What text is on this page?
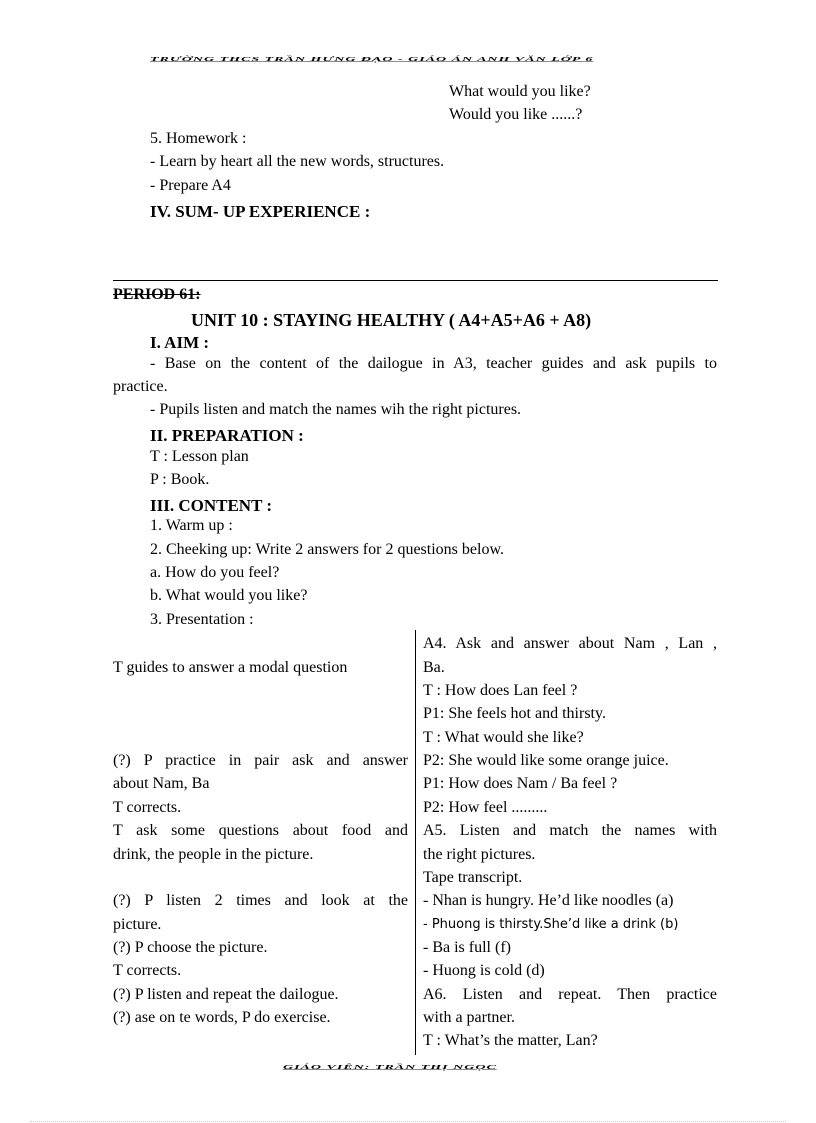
TRƯỜNG THCS TRẦN HƯNG ĐẠO - GIÁO ÁN ANH VĂN LỚP 6
What would you like?
Would you like ......?
5. Homework :
- Learn by heart all the new words, structures.
- Prepare A4
IV. SUM- UP EXPERIENCE :
PERIOD 61:
UNIT 10 : STAYING HEALTHY ( A4+A5+A6 + A8)
I. AIM :
- Base on the content of the dailogue in A3, teacher guides and ask pupils to
practice.
- Pupils listen and match the names wih the right pictures.
II. PREPARATION :
T : Lesson plan
P : Book.
III. CONTENT :
1. Warm up :
2. Cheeking up: Write 2 answers for 2 questions below.
a. How do you feel?
b. What would you like?
3. Presentation :
T guides to answer a modal question
(?) P practice in pair ask and answer
about Nam, Ba
T corrects.
T ask some questions about food and
drink, the people in the picture.
(?) P listen 2 times and look at the
picture.
(?) P choose the picture.
T corrects.
(?) P listen and repeat the dailogue.
(?) ase on te words, P do exercise.
A4. Ask and answer about Nam , Lan ,
Ba.
T : How does Lan feel ?
P1: She feels hot and thirsty.
T : What would she like?
P2: She would like some orange juice.
P1: How does Nam / Ba feel ?
P2: How feel .........
A5. Listen and match the names with
the right pictures.
Tape transcript.
- Nhan is hungry. He’d like noodles (a)
- Phuong is thirsty.She’d like a drink (b)
- Ba is full (f)
- Huong is cold (d)
A6. Listen and repeat. Then practice
with a partner.
T : What’s the matter, Lan?
GIÁO VIÊN: TRẦN THỊ NGỌC
